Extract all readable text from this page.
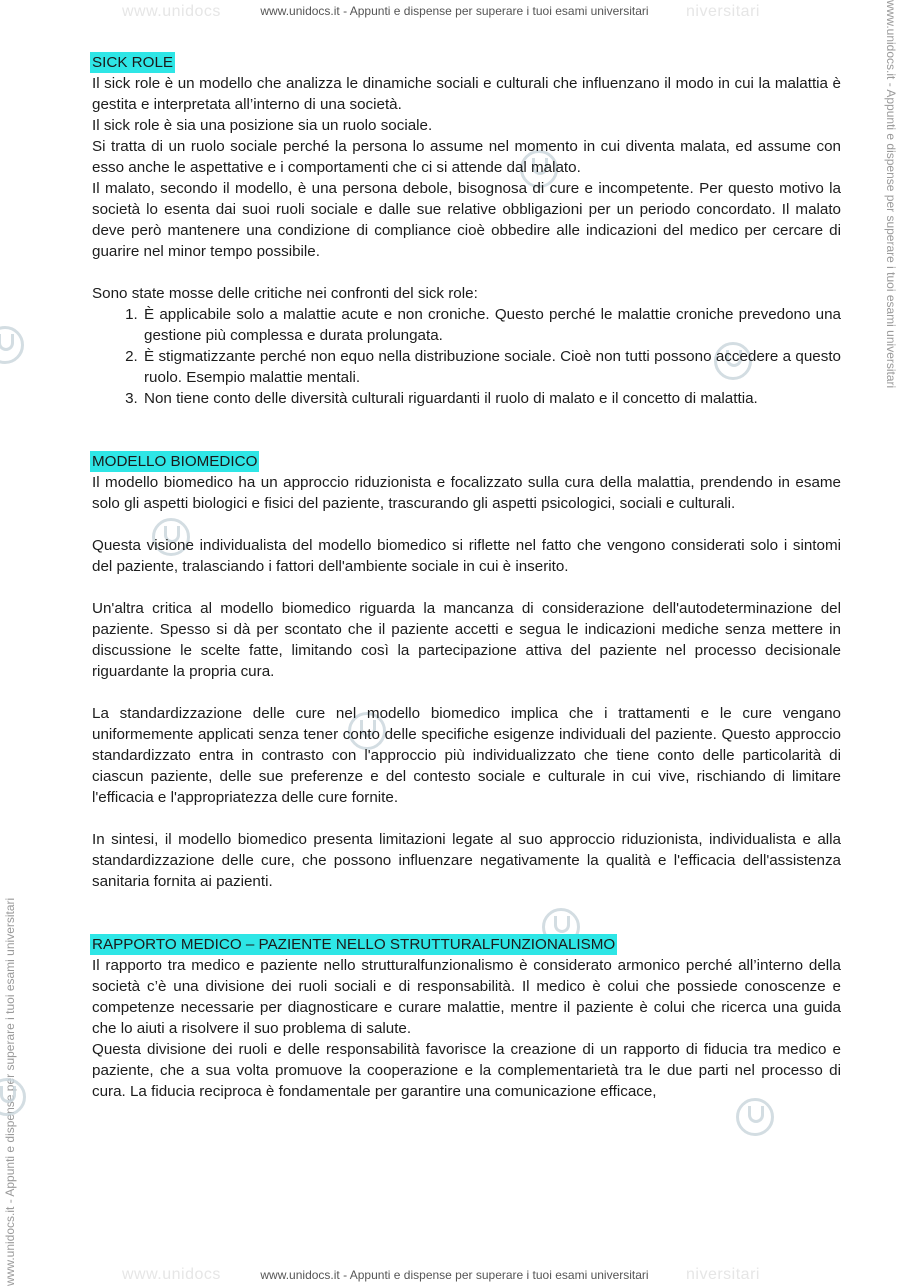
www.unidocs	niversitari
www.unidocs	niversitari
www.unidocs.it - Appunti e dispense per superare i tuoi esami universitari
www.unidocs.it - Appunti e dispense per superare i tuoi esami universitari
www.unidocs.it - Appunti e dispense per superare i tuoi esami universitari
www.unidocs.it - Appunti e dispense per superare i tuoi esami universitari

SICK ROLE

Il sick role è un modello che analizza le dinamiche sociali e culturali che influenzano il modo in cui la malattia è gestita e interpretata all’interno di una società.

Il sick role è sia una posizione sia un ruolo sociale.

Si tratta di un ruolo sociale perché la persona lo assume nel momento in cui diventa malata, ed assume con esso anche le aspettative e i comportamenti che ci si attende dal malato.

Il malato, secondo il modello, è una persona debole, bisognosa di cure e incompetente. Per questo motivo la società lo esenta dai suoi ruoli sociale e dalle sue relative obbligazioni per un periodo concordato. Il malato deve però mantenere una condizione di compliance cioè obbedire alle indicazioni del medico per cercare di guarire nel minor tempo possibile.

Sono state mosse delle critiche nei confronti del sick role:

1. È applicabile solo a malattie acute e non croniche. Questo perché le malattie croniche prevedono una gestione più complessa e durata prolungata.
2. È stigmatizzante perché non equo nella distribuzione sociale. Cioè non tutti possono accedere a questo ruolo. Esempio malattie mentali.
3. Non tiene conto delle diversità culturali riguardanti il ruolo di malato e il concetto di malattia.

MODELLO BIOMEDICO

Il modello biomedico ha un approccio riduzionista e focalizzato sulla cura della malattia, prendendo in esame solo gli aspetti biologici e fisici del paziente, trascurando gli aspetti psicologici, sociali e culturali.

Questa visione individualista del modello biomedico si riflette nel fatto che vengono considerati solo i sintomi del paziente, tralasciando i fattori dell'ambiente sociale in cui è inserito.

Un'altra critica al modello biomedico riguarda la mancanza di considerazione dell'autodeterminazione del paziente. Spesso si dà per scontato che il paziente accetti e segua le indicazioni mediche senza mettere in discussione le scelte fatte, limitando così la partecipazione attiva del paziente nel processo decisionale riguardante la propria cura.

La standardizzazione delle cure nel modello biomedico implica che i trattamenti e le cure vengano uniformemente applicati senza tener conto delle specifiche esigenze individuali del paziente. Questo approccio standardizzato entra in contrasto con l'approccio più individualizzato che tiene conto delle particolarità di ciascun paziente, delle sue preferenze e del contesto sociale e culturale in cui vive, rischiando di limitare l'efficacia e l'appropriatezza delle cure fornite.

In sintesi, il modello biomedico presenta limitazioni legate al suo approccio riduzionista, individualista e alla standardizzazione delle cure, che possono influenzare negativamente la qualità e l'efficacia dell'assistenza sanitaria fornita ai pazienti.

RAPPORTO MEDICO – PAZIENTE NELLO STRUTTURALFUNZIONALISMO

Il rapporto tra medico e paziente nello strutturalfunzionalismo è considerato armonico perché all’interno della società c’è una divisione dei ruoli sociali e di responsabilità. Il medico è colui che possiede conoscenze e competenze necessarie per diagnosticare e curare malattie, mentre il paziente è colui che ricerca una guida che lo aiuti a risolvere il suo problema di salute.

Questa divisione dei ruoli e delle responsabilità favorisce la creazione di un rapporto di fiducia tra medico e paziente, che a sua volta promuove la cooperazione e la complementarietà tra le due parti nel processo di cura. La fiducia reciproca è fondamentale per garantire una comunicazione efficace,
